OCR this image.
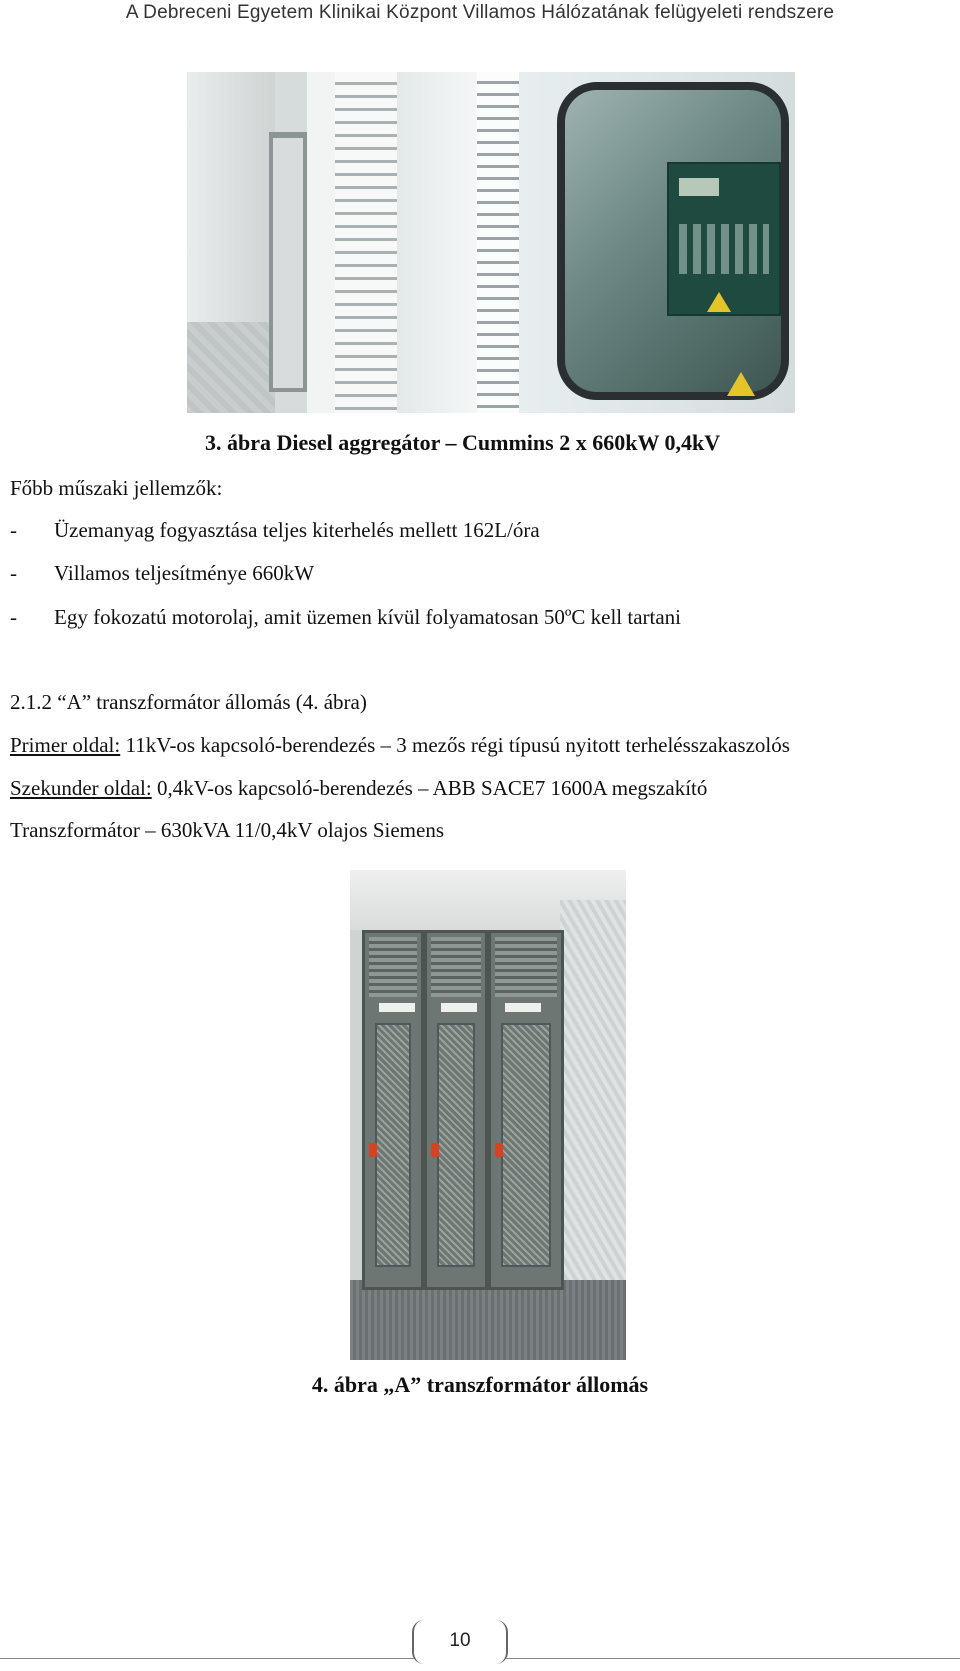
A Debreceni Egyetem Klinikai Központ Villamos Hálózatának felügyeleti rendszere
3. ábra Diesel aggregátor – Cummins 2 x 660kW 0,4kV
Főbb műszaki jellemzők:
- Üzemanyag fogyasztása teljes kiterhelés mellett 162L/óra
- Villamos teljesítménye 660kW
- Egy fokozatú motorolaj, amit üzemen kívül folyamatosan 50ºC kell tartani
2.1.2 “A” transzformátor állomás (4. ábra)
Primer oldal: 11kV-os kapcsoló-berendezés – 3 mezős régi típusú nyitott terhelésszakaszolós
Szekunder oldal: 0,4kV-os kapcsoló-berendezés – ABB SACE7 1600A megszakító
Transzformátor – 630kVA 11/0,4kV olajos Siemens
4. ábra „A” transzformátor állomás
10
